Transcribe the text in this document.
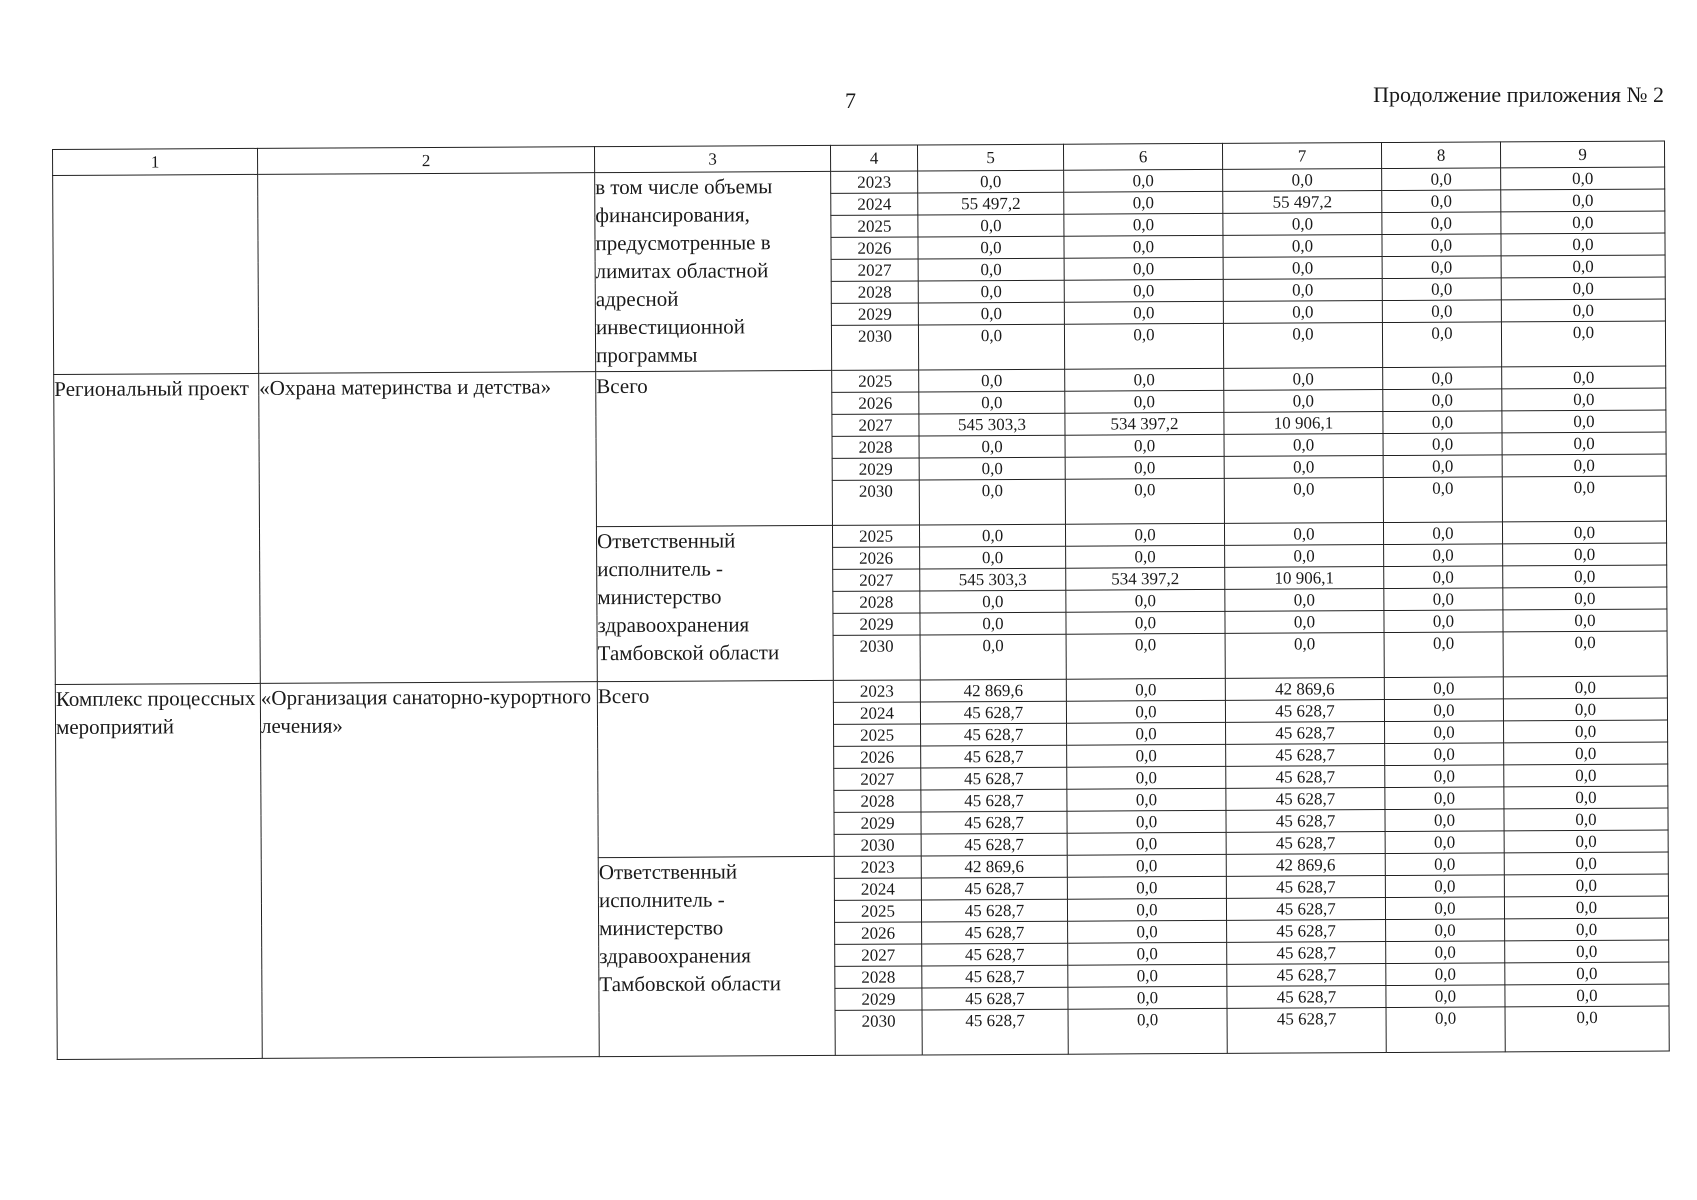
7	Продолжение приложения № 2
1	2	3	4	5	6	7	8	9
		в том числе объемы финансирования, предусмотренные в лимитах областной адресной инвестиционной программы	2023	0,0	0,0	0,0	0,0	0,0
			2024	55 497,2	0,0	55 497,2	0,0	0,0
			2025	0,0	0,0	0,0	0,0	0,0
			2026	0,0	0,0	0,0	0,0	0,0
			2027	0,0	0,0	0,0	0,0	0,0
			2028	0,0	0,0	0,0	0,0	0,0
			2029	0,0	0,0	0,0	0,0	0,0
			2030	0,0	0,0	0,0	0,0	0,0
Региональный проект	«Охрана материнства и детства»	Всего	2025	0,0	0,0	0,0	0,0	0,0
			2026	0,0	0,0	0,0	0,0	0,0
			2027	545 303,3	534 397,2	10 906,1	0,0	0,0
			2028	0,0	0,0	0,0	0,0	0,0
			2029	0,0	0,0	0,0	0,0	0,0
			2030	0,0	0,0	0,0	0,0	0,0
		Ответственный исполнитель - министерство здравоохранения Тамбовской области	2025	0,0	0,0	0,0	0,0	0,0
			2026	0,0	0,0	0,0	0,0	0,0
			2027	545 303,3	534 397,2	10 906,1	0,0	0,0
			2028	0,0	0,0	0,0	0,0	0,0
			2029	0,0	0,0	0,0	0,0	0,0
			2030	0,0	0,0	0,0	0,0	0,0
Комплекс процессных мероприятий	«Организация санаторно-курортного лечения»	Всего	2023	42 869,6	0,0	42 869,6	0,0	0,0
			2024	45 628,7	0,0	45 628,7	0,0	0,0
			2025	45 628,7	0,0	45 628,7	0,0	0,0
			2026	45 628,7	0,0	45 628,7	0,0	0,0
			2027	45 628,7	0,0	45 628,7	0,0	0,0
			2028	45 628,7	0,0	45 628,7	0,0	0,0
			2029	45 628,7	0,0	45 628,7	0,0	0,0
			2030	45 628,7	0,0	45 628,7	0,0	0,0
		Ответственный исполнитель - министерство здравоохранения Тамбовской области	2023	42 869,6	0,0	42 869,6	0,0	0,0
			2024	45 628,7	0,0	45 628,7	0,0	0,0
			2025	45 628,7	0,0	45 628,7	0,0	0,0
			2026	45 628,7	0,0	45 628,7	0,0	0,0
			2027	45 628,7	0,0	45 628,7	0,0	0,0
			2028	45 628,7	0,0	45 628,7	0,0	0,0
			2029	45 628,7	0,0	45 628,7	0,0	0,0
			2030	45 628,7	0,0	45 628,7	0,0	0,0
